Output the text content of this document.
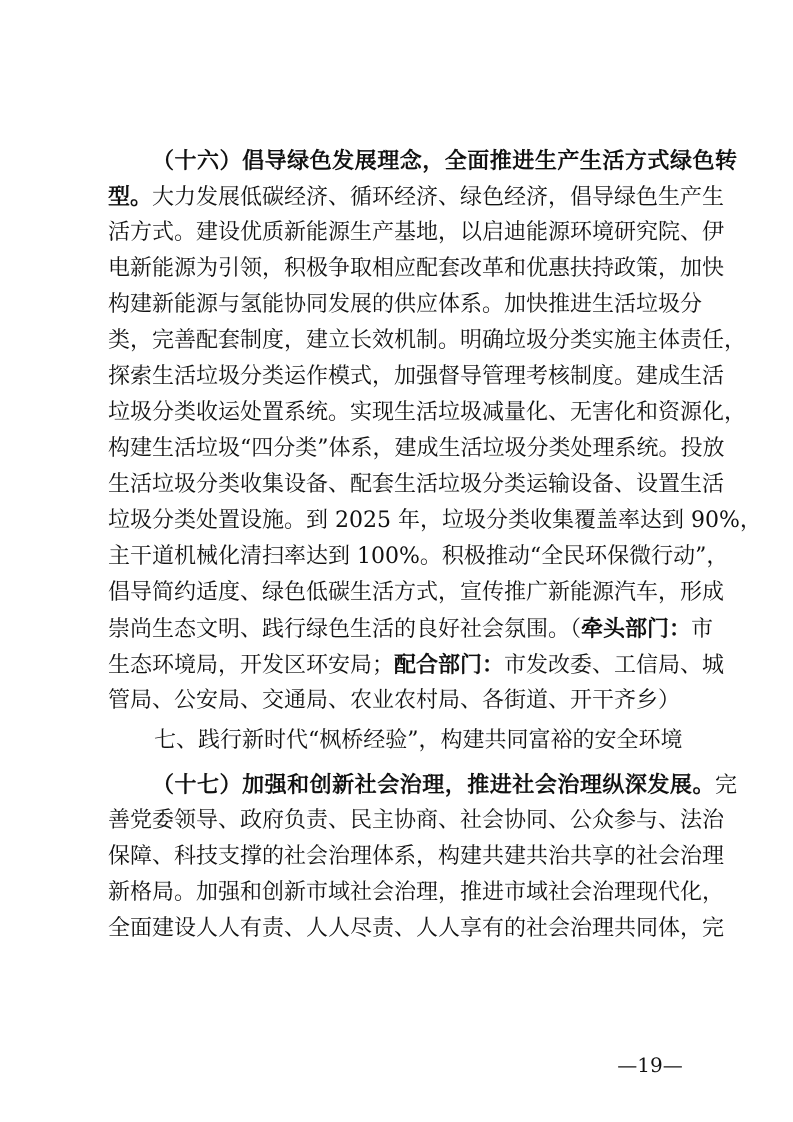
（十六）倡导绿色发展理念，全面推进生产生活方式绿色转
型。大力发展低碳经济、循环经济、绿色经济，倡导绿色生产生
活方式。建设优质新能源生产基地，以启迪能源环境研究院、伊
电新能源为引领，积极争取相应配套改革和优惠扶持政策，加快
构建新能源与氢能协同发展的供应体系。加快推进生活垃圾分
类，完善配套制度，建立长效机制。明确垃圾分类实施主体责任，
探索生活垃圾分类运作模式，加强督导管理考核制度。建成生活
垃圾分类收运处置系统。实现生活垃圾减量化、无害化和资源化，
构建生活垃圾“四分类”体系，建成生活垃圾分类处理系统。投放
生活垃圾分类收集设备、配套生活垃圾分类运输设备、设置生活
垃圾分类处置设施。到 2025 年，垃圾分类收集覆盖率达到 90%，
主干道机械化清扫率达到 100%。积极推动“全民环保微行动”，
倡导简约适度、绿色低碳生活方式，宣传推广新能源汽车，形成
崇尚生态文明、践行绿色生活的良好社会氛围。（牵头部门：市
生态环境局，开发区环安局；配合部门：市发改委、工信局、城
管局、公安局、交通局、农业农村局、各街道、开干齐乡）
七、践行新时代“枫桥经验”，构建共同富裕的安全环境
（十七）加强和创新社会治理，推进社会治理纵深发展。完
善党委领导、政府负责、民主协商、社会协同、公众参与、法治
保障、科技支撑的社会治理体系，构建共建共治共享的社会治理
新格局。加强和创新市域社会治理，推进市域社会治理现代化，
全面建设人人有责、人人尽责、人人享有的社会治理共同体，完
—19—
